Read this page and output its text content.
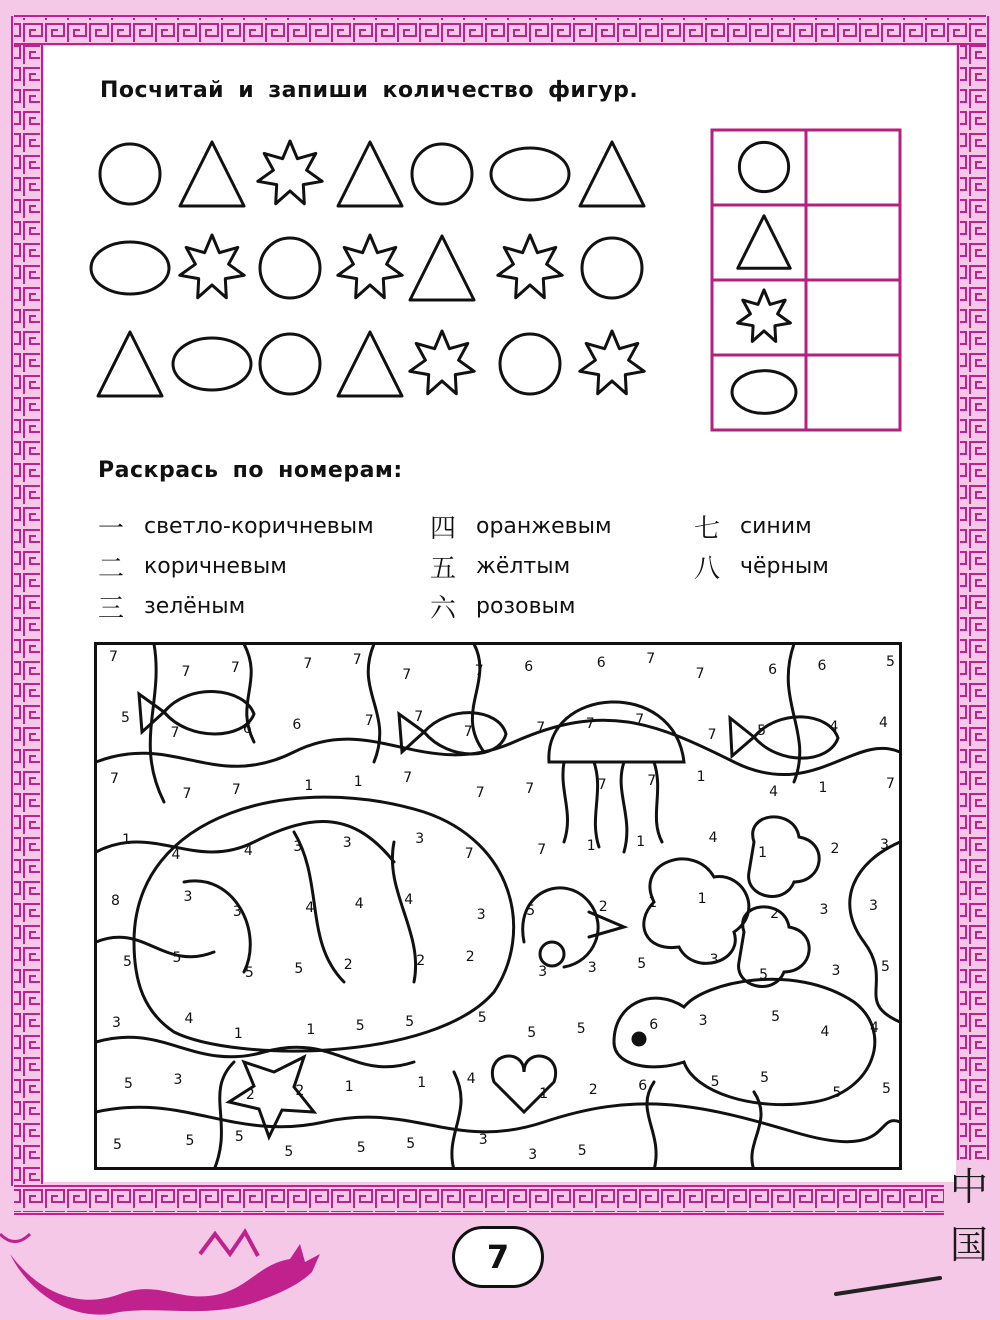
Посчитай и запиши количество фигур.
Раскрась по номерам:
一 светло-коричневым
二 коричневым
三 зелёным
四 оранжевым
五 жёлтым
六 розовым
七 синим
八 чёрным
7
7	7	7	7
7	7	6	6	7
7	6	6	5
5
7	6	6	7	7
7	7	7	7
7	5	4	4
7
7	7	1	1	7
7	7	7	7	1
4	1	7
1
4	4	3	3	3
7	7	1	1	4
1	2	3
8	3
3	4	4	4
3	5	2	1	1
2	3	3
5	5
5	5	2	2	2
3	3	5	3
5	3	5
3	4
1	1	5	5	5
5	5	6	3	5
4	4
5	3
2	2	1	1	4
1	2	6	5	5
5	5
5	5	5
5	5	5	3
3	5
7
中
国
